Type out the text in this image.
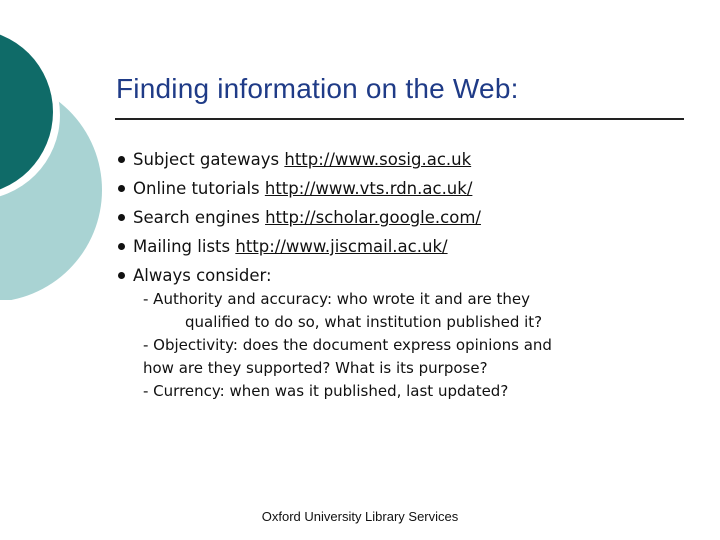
Finding information on the Web:
Subject gateways http://www.sosig.ac.uk
Online tutorials http://www.vts.rdn.ac.uk/
Search engines http://scholar.google.com/
Mailing lists http://www.jiscmail.ac.uk/
Always consider:
- Authority and accuracy: who wrote it and are they
qualified to do so, what institution published it?
- Objectivity: does the document express opinions and
how are they supported? What is its purpose?
- Currency: when was it published, last updated?
Oxford University Library Services
